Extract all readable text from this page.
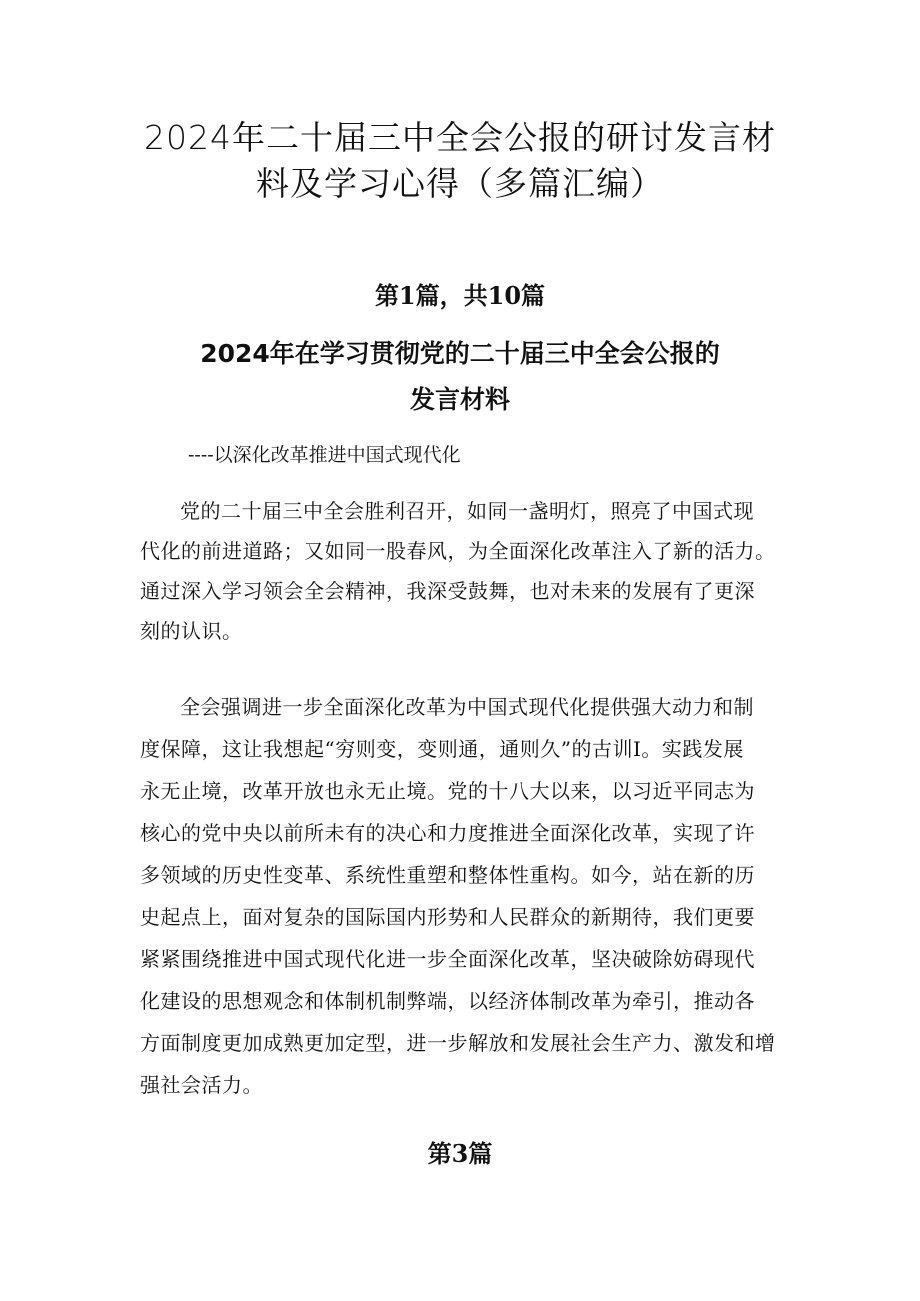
2024年二十届三中全会公报的研讨发言材
料及学习心得（多篇汇编）
第1篇，共10篇
2024年在学习贯彻党的二十届三中全会公报的
发言材料

----以深化改革推进中国式现代化

党的二十届三中全会胜利召开，如同一盏明灯，照亮了中国式现

代化的前进道路；又如同一股春风，为全面深化改革注入了新的活力。

通过深入学习领会全会精神，我深受鼓舞，也对未来的发展有了更深

刻的认识。

全会强调进一步全面深化改革为中国式现代化提供强大动力和制

度保障，这让我想起“穷则变，变则通，通则久”的古训I。实践发展

永无止境，改革开放也永无止境。党的十八大以来，以习近平同志为

核心的党中央以前所未有的决心和力度推进全面深化改革，实现了许

多领域的历史性变革、系统性重塑和整体性重构。如今，站在新的历

史起点上，面对复杂的国际国内形势和人民群众的新期待，我们更要

紧紧围绕推进中国式现代化进一步全面深化改革，坚决破除妨碍现代

化建设的思想观念和体制机制弊端，以经济体制改革为牵引，推动各

方面制度更加成熟更加定型，进一步解放和发展社会生产力、激发和增

强社会活力。

第3篇
